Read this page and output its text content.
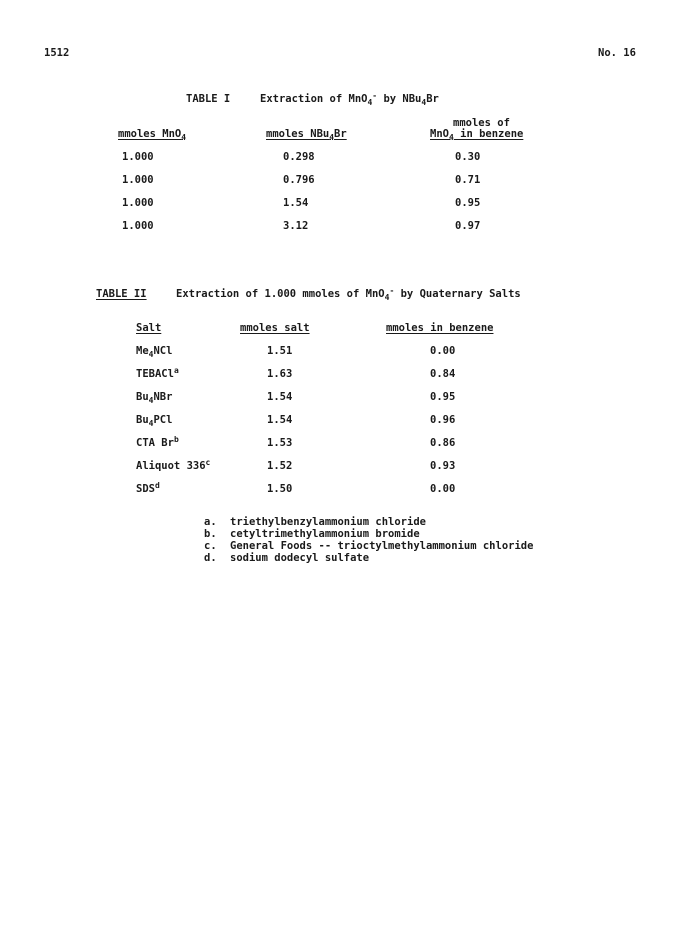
1512	No. 16
TABLE I	Extraction of MnO$_4$- by NBu$_4$Br
mmoles MnO$_4$	mmoles NBu$_4$Br
mmoles of
MnO$_4$ in benzene
1.000	0.298	0.30
1.000	0.796	0.71
1.000	1.54	0.95
1.000	3.12	0.97
TABLE II	Extraction of 1.000 mmoles of MnO$_4$- by Quaternary Salts
Salt	mmoles salt	mmoles in benzene
$Me_4NCl$	1.51	0.00
TEBACl$^a$	1.63	0.84
$Bu_4NBr$	1.54	0.95
$Bu_4PCl$	1.54	0.96
CTA Br$^b$	1.53	0.86
Aliquot 336$^c$	1.52	0.93
SDS$^d$	1.50	0.00
a. triethylbenzylammonium chloride
b. cetyltrimethylammonium bromide
c. General Foods -- trioctylmethylammonium chloride
d. sodium dodecyl sulfate
